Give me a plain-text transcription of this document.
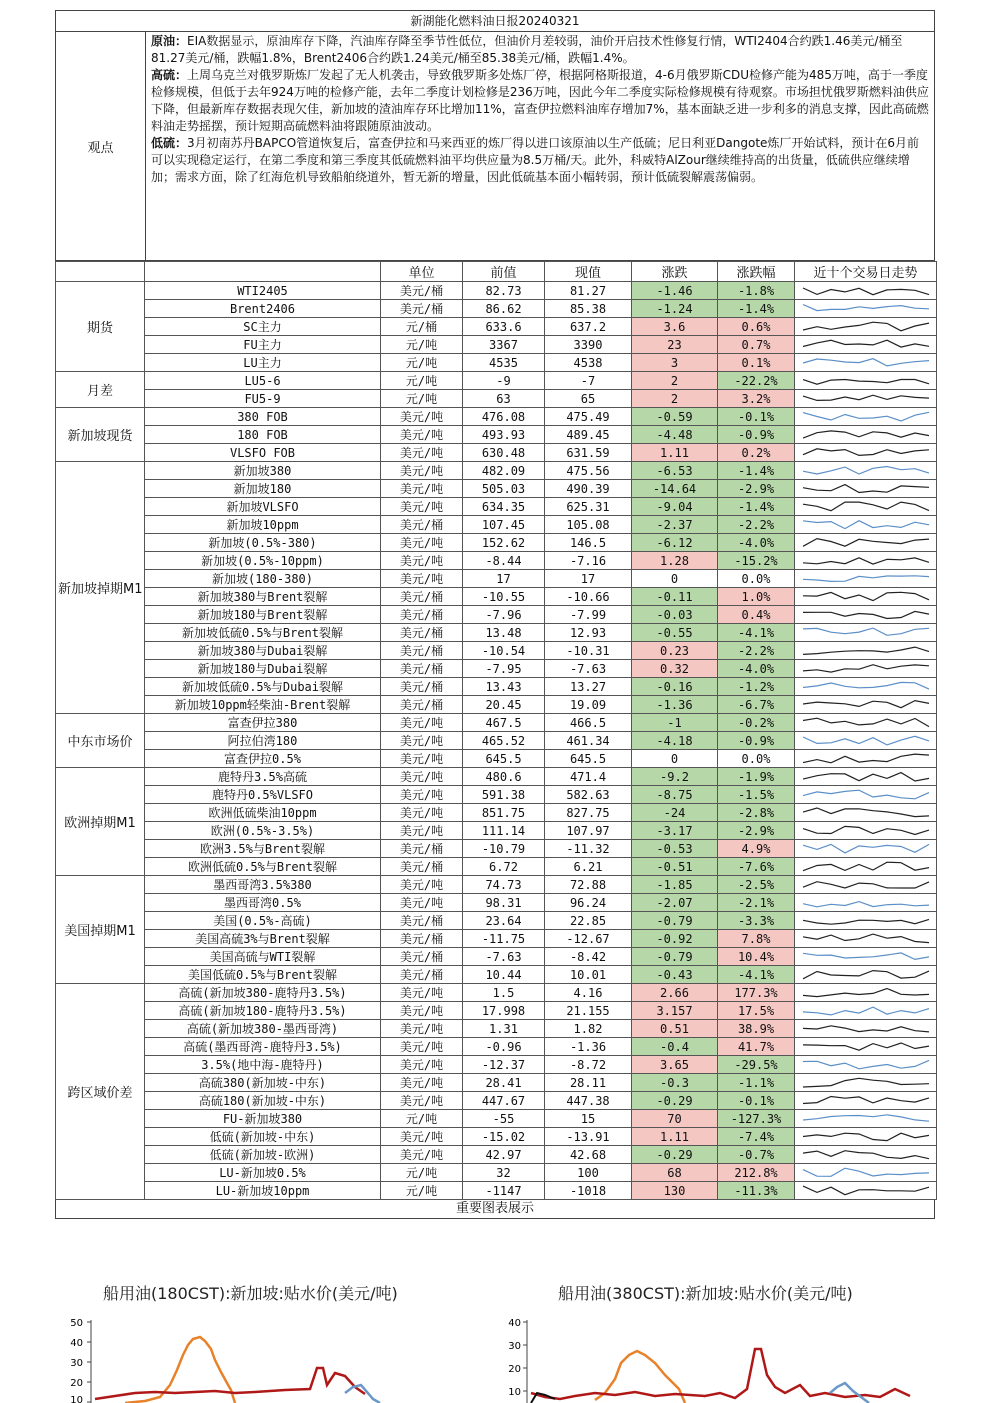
新湖能化燃料油日报20240321
观点
原油：EIA数据显示，原油库存下降，汽油库存降至季节性低位，但油价月差较弱，油价开启技术性修复行情，WTI2404合约跌1.46美元/桶至81.27美元/桶，跌幅1.8%，Brent2406合约跌1.24美元/桶至85.38美元/桶，跌幅1.4%。
高硫：上周乌克兰对俄罗斯炼厂发起了无人机袭击，导致俄罗斯多处炼厂停，根据阿格斯报道，4-6月俄罗斯CDU检修产能为485万吨，高于一季度检修规模，但低于去年924万吨的检修产能，去年二季度计划检修是236万吨，因此今年二季度实际检修规模有待观察。市场担忧俄罗斯燃料油供应下降，但最新库存数据表现欠佳，新加坡的渣油库存环比增加11%，富查伊拉燃料油库存增加7%，基本面缺乏进一步利多的消息支撑，因此高硫燃料油走势摇摆，预计短期高硫燃料油将跟随原油波动。
低硫：3月初南苏丹BAPCO管道恢复后，富查伊拉和马来西亚的炼厂得以进口该原油以生产低硫；尼日利亚Dangote炼厂开始试料，预计在6月前可以实现稳定运行，在第二季度和第三季度其低硫燃料油平均供应量为8.5万桶/天。此外，科威特AlZour继续维持高的出货量，低硫供应继续增加；需求方面，除了红海危机导致船舶绕道外，暂无新的增量，因此低硫基本面小幅转弱，预计低硫裂解震荡偏弱。
		单位	前值	现值	涨跌	涨跌幅	近十个交易日走势
期货	WTI2405	美元/桶	82.73	81.27	-1.46	-1.8%	

	Brent2406	美元/桶	86.62	85.38	-1.24	-1.4%	

	SC主力	元/桶	633.6	637.2	3.6	0.6%	

	FU主力	元/吨	3367	3390	23	0.7%	

	LU主力	元/吨	4535	4538	3	0.1%	

月差	LU5-6	元/吨	-9	-7	2	-22.2%	

	FU5-9	元/吨	63	65	2	3.2%	

新加坡现货	380 FOB	美元/吨	476.08	475.49	-0.59	-0.1%	

	180 FOB	美元/吨	493.93	489.45	-4.48	-0.9%	

	VLSFO FOB	美元/吨	630.48	631.59	1.11	0.2%	

新加坡掉期M1	新加坡380	美元/吨	482.09	475.56	-6.53	-1.4%	

	新加坡180	美元/吨	505.03	490.39	-14.64	-2.9%	

	新加坡VLSFO	美元/吨	634.35	625.31	-9.04	-1.4%	

	新加坡10ppm	美元/桶	107.45	105.08	-2.37	-2.2%	

	新加坡(0.5%-380)	美元/吨	152.62	146.5	-6.12	-4.0%	

	新加坡(0.5%-10ppm)	美元/吨	-8.44	-7.16	1.28	-15.2%	

	新加坡(180-380)	美元/吨	17	17	0	0.0%	

	新加坡380与Brent裂解	美元/桶	-10.55	-10.66	-0.11	1.0%	

	新加坡180与Brent裂解	美元/桶	-7.96	-7.99	-0.03	0.4%	

	新加坡低硫0.5%与Brent裂解	美元/桶	13.48	12.93	-0.55	-4.1%	

	新加坡380与Dubai裂解	美元/桶	-10.54	-10.31	0.23	-2.2%	

	新加坡180与Dubai裂解	美元/桶	-7.95	-7.63	0.32	-4.0%	

	新加坡低硫0.5%与Dubai裂解	美元/桶	13.43	13.27	-0.16	-1.2%	

	新加坡10ppm轻柴油-Brent裂解	美元/桶	20.45	19.09	-1.36	-6.7%	

中东市场价	富查伊拉380	美元/吨	467.5	466.5	-1	-0.2%	

	阿拉伯湾180	美元/吨	465.52	461.34	-4.18	-0.9%	

	富查伊拉0.5%	美元/吨	645.5	645.5	0	0.0%	

欧洲掉期M1	鹿特丹3.5%高硫	美元/吨	480.6	471.4	-9.2	-1.9%	

	鹿特丹0.5%VLSFO	美元/吨	591.38	582.63	-8.75	-1.5%	

	欧洲低硫柴油10ppm	美元/吨	851.75	827.75	-24	-2.8%	

	欧洲(0.5%-3.5%)	美元/吨	111.14	107.97	-3.17	-2.9%	

	欧洲3.5%与Brent裂解	美元/桶	-10.79	-11.32	-0.53	4.9%	

	欧洲低硫0.5%与Brent裂解	美元/桶	6.72	6.21	-0.51	-7.6%	

美国掉期M1	墨西哥湾3.5%380	美元/吨	74.73	72.88	-1.85	-2.5%	

	墨西哥湾0.5%	美元/吨	98.31	96.24	-2.07	-2.1%	

	美国(0.5%-高硫)	美元/桶	23.64	22.85	-0.79	-3.3%	

	美国高硫3%与Brent裂解	美元/桶	-11.75	-12.67	-0.92	7.8%	

	美国高硫与WTI裂解	美元/桶	-7.63	-8.42	-0.79	10.4%	

	美国低硫0.5%与Brent裂解	美元/桶	10.44	10.01	-0.43	-4.1%	

跨区域价差	高硫(新加坡380-鹿特丹3.5%)	美元/吨	1.5	4.16	2.66	177.3%	

	高硫(新加坡180-鹿特丹3.5%)	美元/吨	17.998	21.155	3.157	17.5%	

	高硫(新加坡380-墨西哥湾)	美元/吨	1.31	1.82	0.51	38.9%	

	高硫(墨西哥湾-鹿特丹3.5%)	美元/吨	-0.96	-1.36	-0.4	41.7%	

	3.5%(地中海-鹿特丹)	美元/吨	-12.37	-8.72	3.65	-29.5%	

	高硫380(新加坡-中东)	美元/吨	28.41	28.11	-0.3	-1.1%	

	高硫180(新加坡-中东)	美元/吨	447.67	447.38	-0.29	-0.1%	

	FU-新加坡380	元/吨	-55	15	70	-127.3%	

	低硫(新加坡-中东)	美元/吨	-15.02	-13.91	1.11	-7.4%	

	低硫(新加坡-欧洲)	美元/吨	42.97	42.68	-0.29	-0.7%	

	LU-新加坡0.5%	元/吨	32	100	68	212.8%	

	LU-新加坡10ppm	元/吨	-1147	-1018	130	-11.3%	
重要图表展示
船用油(180CST):新加坡:贴水价(美元/吨)	船用油(380CST):新加坡:贴水价(美元/吨)
50
40
30
20
10
40
30
20
10
